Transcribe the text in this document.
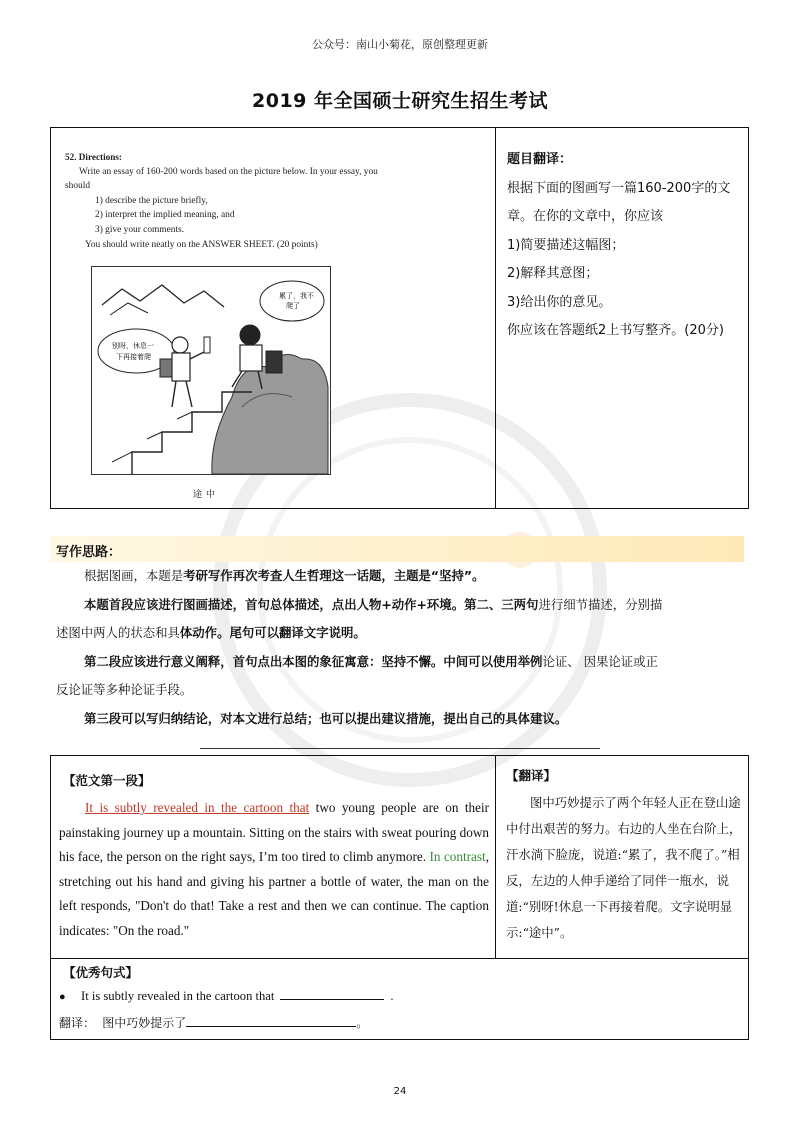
公众号：南山小菊花，原创整理更新
2019 年全国硕士研究生招生考试
52. Directions:
Write an essay of 160-200 words based on the picture below. In your essay, you
should
1) describe the picture briefly,
2) interpret the implied meaning, and
3) give your comments.
You should write neatly on the ANSWER SHEET. (20 points)
累了，我不
爬了
别呀，休息一
下再接着爬
途中
题目翻译：
根据下面的图画写一篇160-200字的文
章。在你的文章中，你应该
1)简要描述这幅图；
2)解释其意图；
3)给出你的意见。
你应该在答题纸2上书写整齐。(20分)
写作思路：

根据图画，本题是考研写作再次考查人生哲理这一话题，主题是“坚持”。

本题首段应该进行图画描述，首句总体描述，点出人物+动作+环境。第二、三两句进行细节描述，分别描

述图中两人的状态和具体动作。尾句可以翻译文字说明。

第二段应该进行意义阐释，首句点出本图的象征寓意：坚持不懈。中间可以使用举例论证、 因果论证或正

反论证等多种论证手段。

第三段可以写归纳结论，对本文进行总结；也可以提出建议措施，提出自己的具体建议。

【范文第一段】
It is subtly revealed in the cartoon that two young people are on their painstaking journey up a mountain. Sitting on the stairs with sweat pouring down his face, the person on the right says, I’m too tired to climb anymore. In contrast, stretching out his hand and giving his partner a bottle of water, the man on the left responds, "Don't do that! Take a rest and then we can continue. The caption indicates: "On the road."
【翻译】
图中巧妙提示了两个年轻人正在登山途中付出艰苦的努力。右边的人坐在台阶上，汗水淌下脸庞，说道:“累了，我不爬了。”相反，左边的人伸手递给了同伴一瓶水，说道:“别呀!休息一下再接着爬。文字说明显示:“途中”。
【优秀句式】
● It is subtly revealed in the cartoon that	.
翻译： 图中巧妙提示了	。
24
